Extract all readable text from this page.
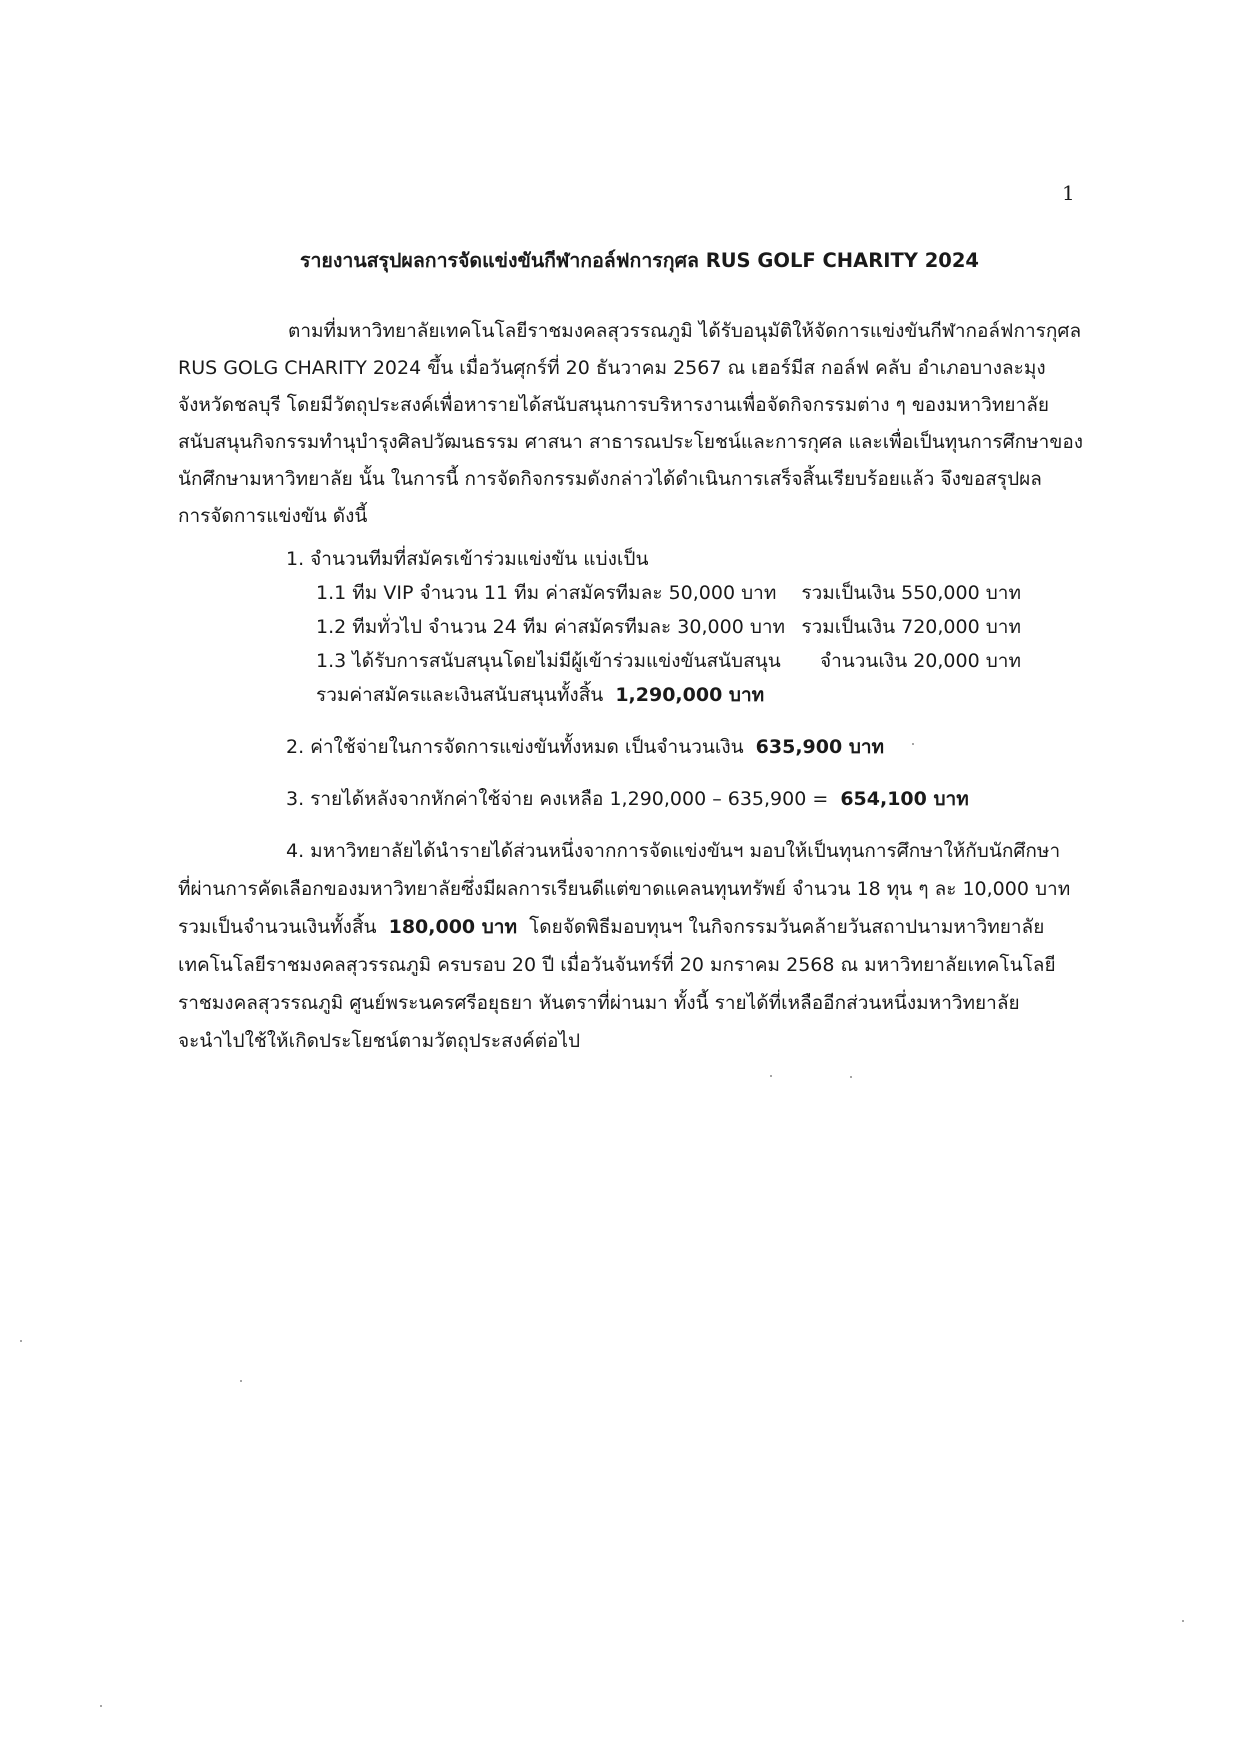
1
รายงานสรุปผลการจัดแข่งขันกีฬากอล์ฟการกุศล RUS GOLF CHARITY 2024
ตามที่มหาวิทยาลัยเทคโนโลยีราชมงคลสุวรรณภูมิ ได้รับอนุมัติให้จัดการแข่งขันกีฬากอล์ฟการกุศล
RUS GOLG CHARITY 2024 ขึ้น เมื่อวันศุกร์ที่ 20 ธันวาคม 2567 ณ เฮอร์มีส กอล์ฟ คลับ อำเภอบางละมุง
จังหวัดชลบุรี โดยมีวัตถุประสงค์เพื่อหารายได้สนับสนุนการบริหารงานเพื่อจัดกิจกรรมต่าง ๆ ของมหาวิทยาลัย
สนับสนุนกิจกรรมทำนุบำรุงศิลปวัฒนธรรม ศาสนา สาธารณประโยชน์และการกุศล และเพื่อเป็นทุนการศึกษาของ
นักศึกษามหาวิทยาลัย นั้น ในการนี้ การจัดกิจกรรมดังกล่าวได้ดำเนินการเสร็จสิ้นเรียบร้อยแล้ว จึงขอสรุปผล
การจัดการแข่งขัน ดังนี้
1. จำนวนทีมที่สมัครเข้าร่วมแข่งขัน แบ่งเป็น
1.1 ทีม VIP จำนวน 11 ทีม ค่าสมัครทีมละ 50,000 บาท รวมเป็นเงิน 550,000 บาท
1.2 ทีมทั่วไป จำนวน 24 ทีม ค่าสมัครทีมละ 30,000 บาท รวมเป็นเงิน 720,000 บาท
1.3 ได้รับการสนับสนุนโดยไม่มีผู้เข้าร่วมแข่งขันสนับสนุน จำนวนเงิน 20,000 บาท
รวมค่าสมัครและเงินสนับสนุนทั้งสิ้น 1,290,000 บาท
2. ค่าใช้จ่ายในการจัดการแข่งขันทั้งหมด เป็นจำนวนเงิน 635,900 บาท
3. รายได้หลังจากหักค่าใช้จ่าย คงเหลือ 1,290,000 – 635,900 = 654,100 บาท
4. มหาวิทยาลัยได้นำรายได้ส่วนหนึ่งจากการจัดแข่งขันฯ มอบให้เป็นทุนการศึกษาให้กับนักศึกษา
ที่ผ่านการคัดเลือกของมหาวิทยาลัยซึ่งมีผลการเรียนดีแต่ขาดแคลนทุนทรัพย์ จำนวน 18 ทุน ๆ ละ 10,000 บาท
รวมเป็นจำนวนเงินทั้งสิ้น 180,000 บาท โดยจัดพิธีมอบทุนฯ ในกิจกรรมวันคล้ายวันสถาปนามหาวิทยาลัย
เทคโนโลยีราชมงคลสุวรรณภูมิ ครบรอบ 20 ปี เมื่อวันจันทร์ที่ 20 มกราคม 2568 ณ มหาวิทยาลัยเทคโนโลยี
ราชมงคลสุวรรณภูมิ ศูนย์พระนครศรีอยุธยา หันตราที่ผ่านมา ทั้งนี้ รายได้ที่เหลืออีกส่วนหนึ่งมหาวิทยาลัย
จะนำไปใช้ให้เกิดประโยชน์ตามวัตถุประสงค์ต่อไป
